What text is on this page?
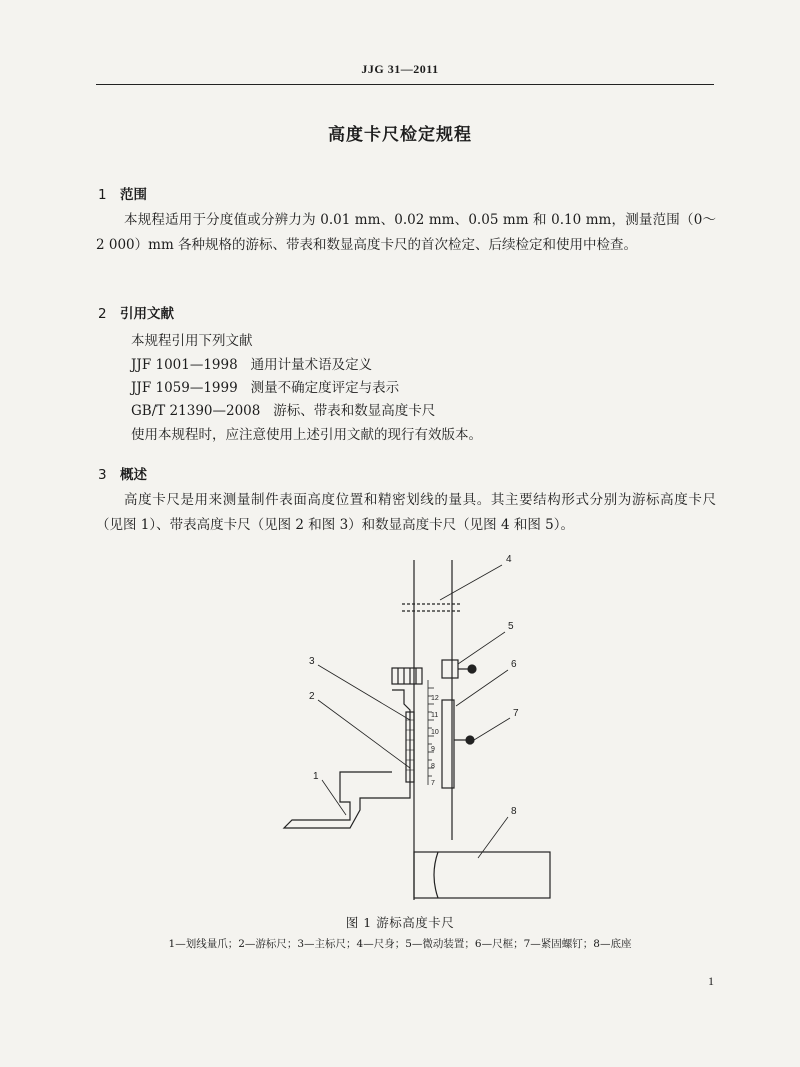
JJG 31—2011
高度卡尺检定规程
1 范围
本规程适用于分度值或分辨力为 0.01 mm、0.02 mm、0.05 mm 和 0.10 mm，测量范围（0～2 000）mm 各种规格的游标、带表和数显高度卡尺的首次检定、后续检定和使用中检查。
2 引用文献
本规程引用下列文献
JJF 1001—1998   通用计量术语及定义
JJF 1059—1999   测量不确定度评定与表示
GB/T 21390—2008   游标、带表和数显高度卡尺
使用本规程时，应注意使用上述引用文献的现行有效版本。
3 概述
高度卡尺是用来测量制件表面高度位置和精密划线的量具。其主要结构形式分别为游标高度卡尺（见图 1）、带表高度卡尺（见图 2 和图 3）和数显高度卡尺（见图 4 和图 5）。
12
11
10
9
8
7
3
2
1
4
5
6
7
8
图 1 游标高度卡尺
1—划线量爪；2—游标尺；3—主标尺；4—尺身；5—微动装置；6—尺框；7—紧固螺钉；8—底座
1
